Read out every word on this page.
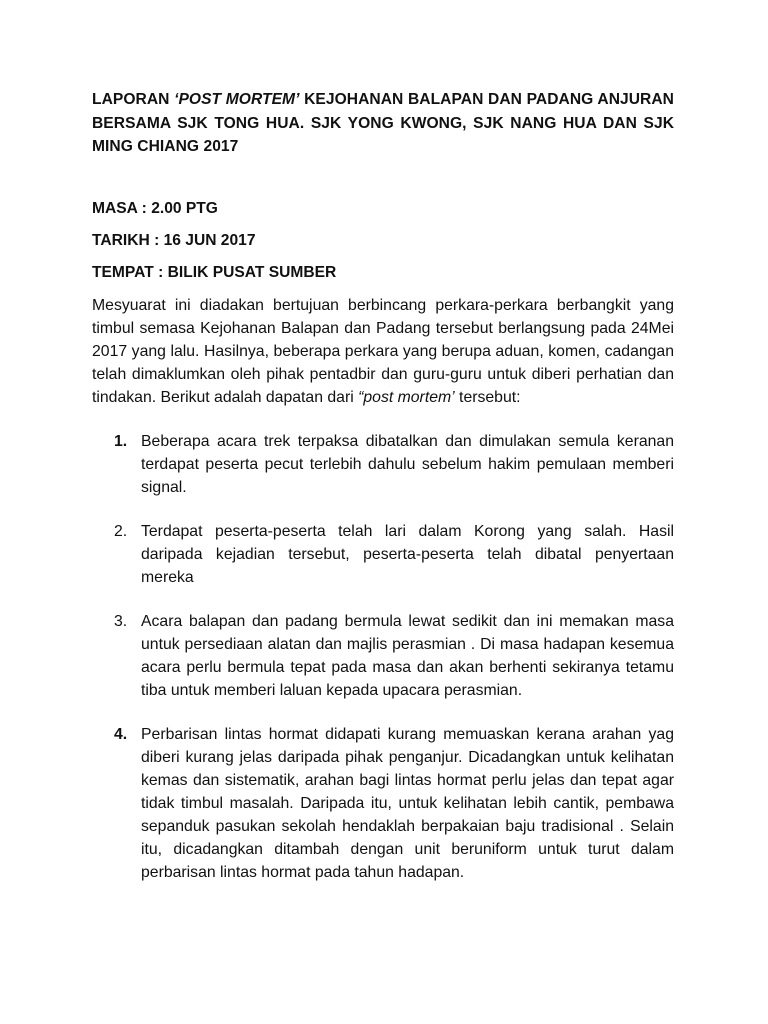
LAPORAN ‘POST MORTEM’ KEJOHANAN BALAPAN DAN PADANG ANJURAN BERSAMA SJK TONG HUA. SJK YONG KWONG, SJK NANG HUA DAN SJK MING CHIANG 2017
MASA : 2.00 PTG
TARIKH : 16 JUN 2017
TEMPAT : BILIK PUSAT SUMBER

Mesyuarat ini diadakan bertujuan berbincang perkara-perkara berbangkit yang timbul semasa Kejohanan Balapan dan Padang tersebut berlangsung pada 24Mei 2017 yang lalu. Hasilnya, beberapa perkara yang berupa aduan, komen, cadangan telah dimaklumkan oleh pihak pentadbir dan guru-guru untuk diberi perhatian dan tindakan. Berikut adalah dapatan dari “post mortem’ tersebut:

1. Beberapa acara trek terpaksa dibatalkan dan dimulakan semula keranan terdapat peserta pecut terlebih dahulu sebelum hakim pemulaan memberi signal.
2. Terdapat peserta-peserta telah lari dalam Korong yang salah. Hasil daripada kejadian tersebut, peserta-peserta telah dibatal penyertaan mereka
3. Acara balapan dan padang bermula lewat sedikit dan ini memakan masa untuk persediaan alatan dan majlis perasmian . Di masa hadapan kesemua acara perlu bermula tepat pada masa dan akan berhenti sekiranya tetamu tiba untuk memberi laluan kepada upacara perasmian.
4. Perbarisan lintas hormat didapati kurang memuaskan kerana arahan yag diberi kurang jelas daripada pihak penganjur. Dicadangkan untuk kelihatan kemas dan sistematik, arahan bagi lintas hormat perlu jelas dan tepat agar tidak timbul masalah. Daripada itu, untuk kelihatan lebih cantik, pembawa sepanduk pasukan sekolah hendaklah berpakaian baju tradisional . Selain itu, dicadangkan ditambah dengan unit beruniform untuk turut dalam perbarisan lintas hormat pada tahun hadapan.
